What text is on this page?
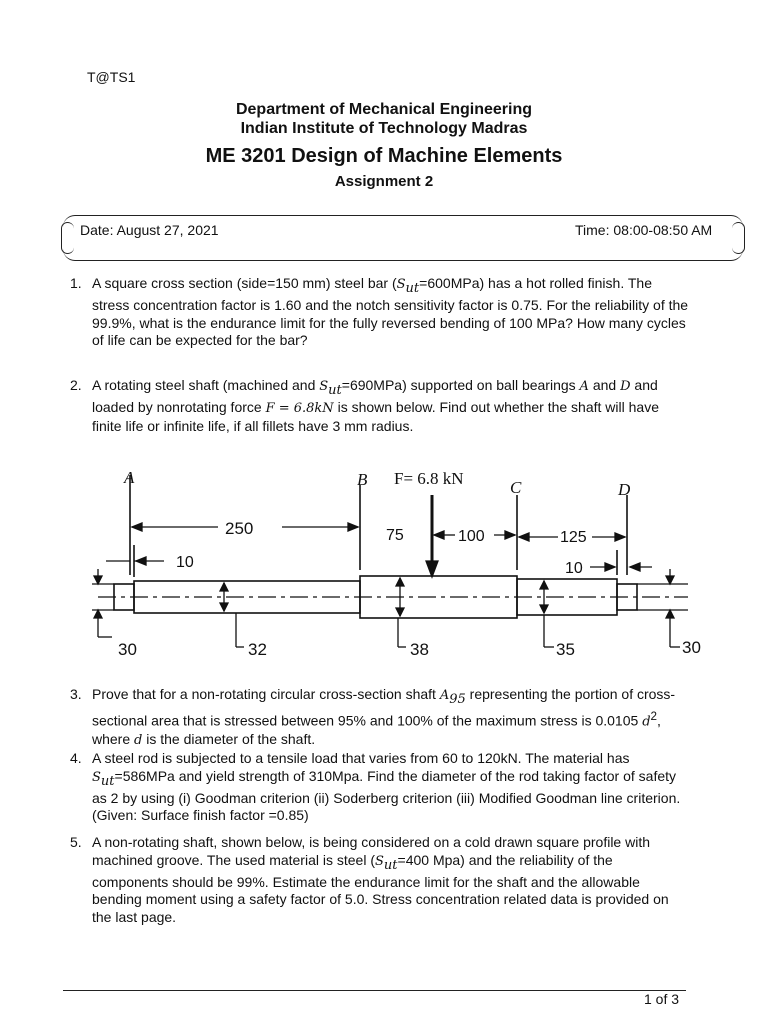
T@TS1
Department of Mechanical Engineering
Indian Institute of Technology Madras
ME 3201 Design of Machine Elements
Assignment 2
Date: August 27, 2021	Time: 08:00-08:50 AM
1. A square cross section (side=150 mm) steel bar $(S_{ut}=600MPa)$ has a hot rolled finish. The stress concentration factor is 1.60 and the notch sensitivity factor is 0.75. For the reliability of the 99.9%, what is the endurance limit for the fully reversed bending of 100 MPa? How many cycles of life can be expected for the bar?
2. A rotating steel shaft (machined and $S_{ut}=690MPa$) supported on ball bearings A and D and loaded by nonrotating force F = 6.8kN is shown below. Find out whether the shaft will have finite life or infinite life, if all fillets have 3 mm radius.
A	B	C	D
F= 6.8 kN
250
10
75	100	125
10
30	32	38	35	30
3. Prove that for a non-rotating circular cross-section shaft $A_{95}$ representing the portion of cross-sectional area that is stressed between 95% and 100% of the maximum stress is 0.0105 $d^2$, where d is the diameter of the shaft.
4. A steel rod is subjected to a tensile load that varies from 60 to 120kN. The material has $S_{ut}=586MPa$ and yield strength of 310Mpa. Find the diameter of the rod taking factor of safety as 2 by using (i) Goodman criterion (ii) Soderberg criterion (iii) Modified Goodman line criterion. (Given: Surface finish factor =0.85)
5. A non-rotating shaft, shown below, is being considered on a cold drawn square profile with machined groove. The used material is steel ($S_{ut}=400$ Mpa) and the reliability of the components should be 99%. Estimate the endurance limit for the shaft and the allowable bending moment using a safety factor of 5.0. Stress concentration related data is provided on the last page.
1 of 3
